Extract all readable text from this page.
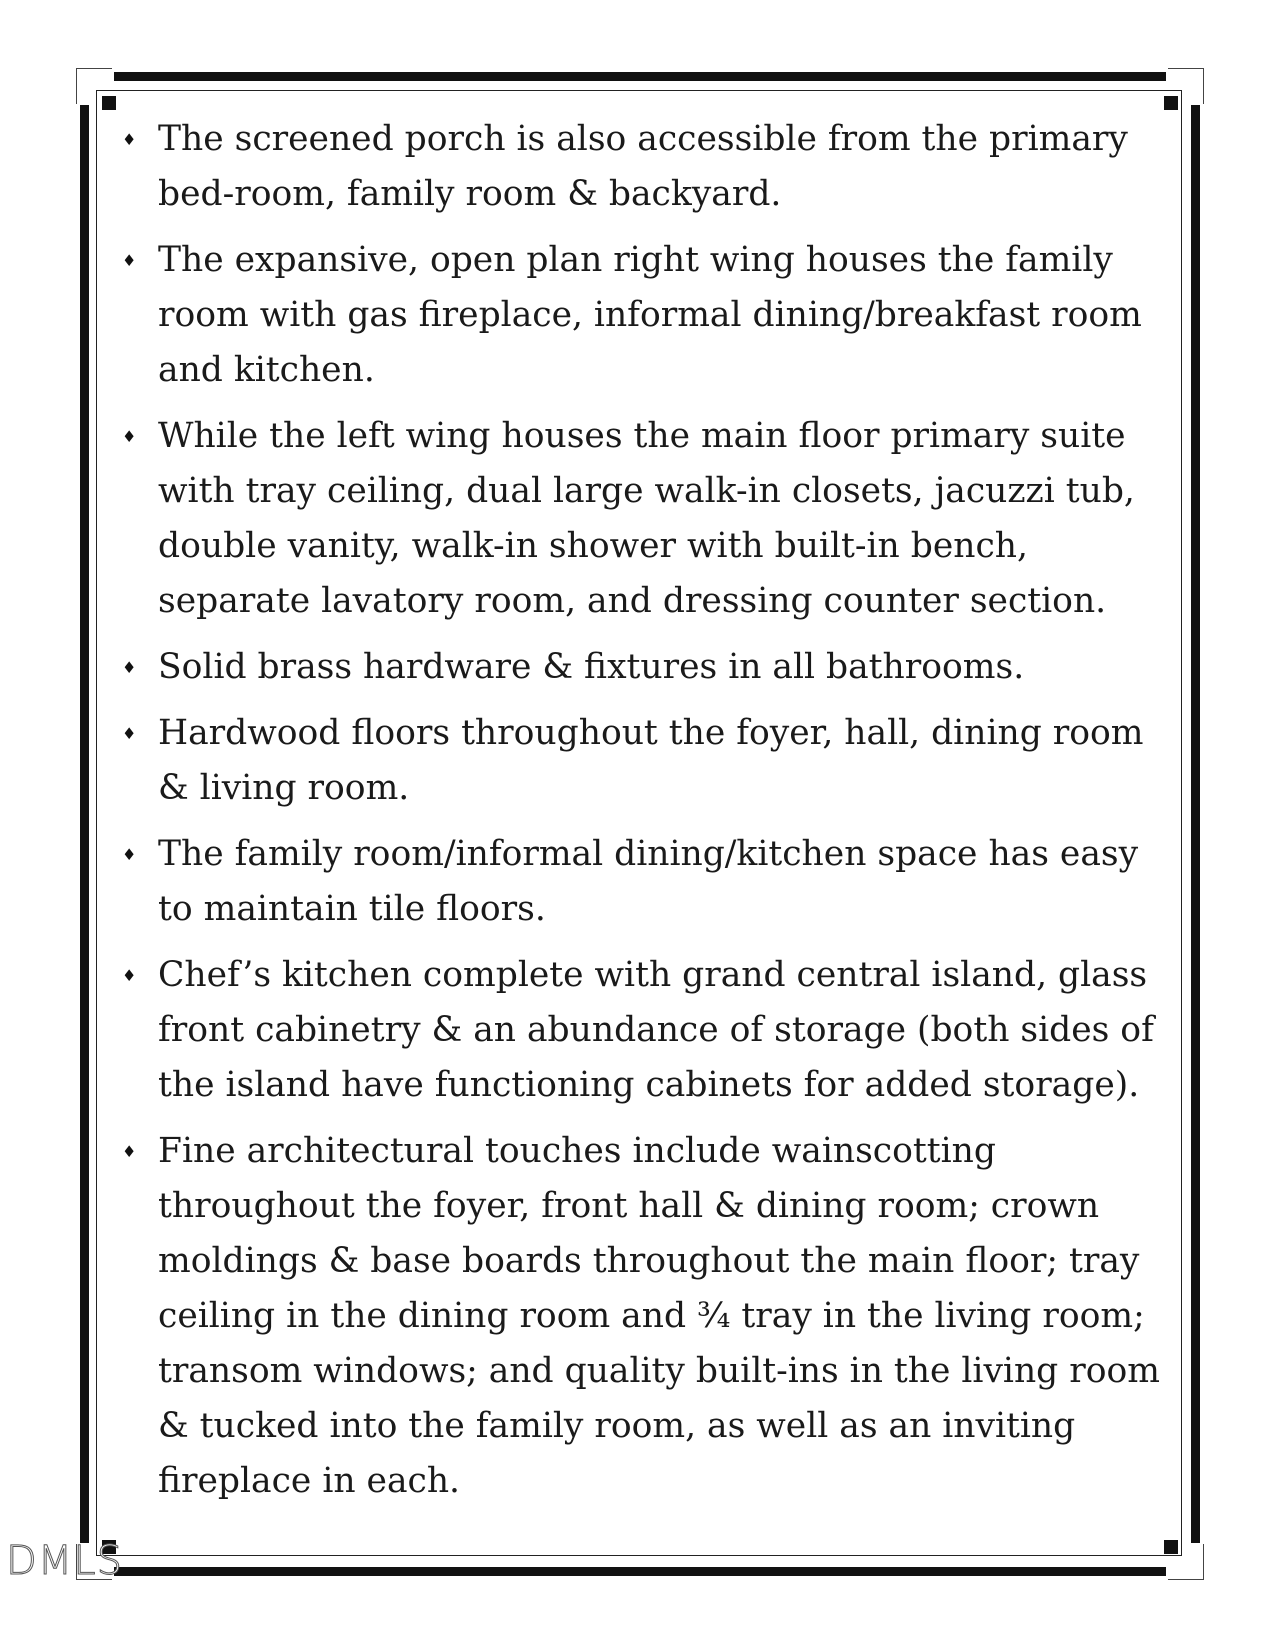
♦ The screened porch is also accessible from the primary bed-room, family room & backyard.
♦ The expansive, open plan right wing houses the family room with gas fireplace, informal dining/breakfast room and kitchen.
♦ While the left wing houses the main floor primary suite with tray ceiling, dual large walk-in closets, jacuzzi tub, double vanity, walk-in shower with built-in bench, separate lavatory room, and dressing counter section.
♦ Solid brass hardware & fixtures in all bathrooms.
♦ Hardwood floors throughout the foyer, hall, dining room & living room.
♦ The family room/informal dining/kitchen space has easy to maintain tile floors.
♦ Chef’s kitchen complete with grand central island, glass front cabinetry & an abundance of storage (both sides of the island have functioning cabinets for added storage).
♦ Fine architectural touches include wainscotting throughout the foyer, front hall & dining room; crown moldings & base boards throughout the main floor; tray ceiling in the dining room and ¾ tray in the living room; transom windows; and quality built-ins in the living room & tucked into the family room, as well as an inviting fireplace in each.
DMLS
